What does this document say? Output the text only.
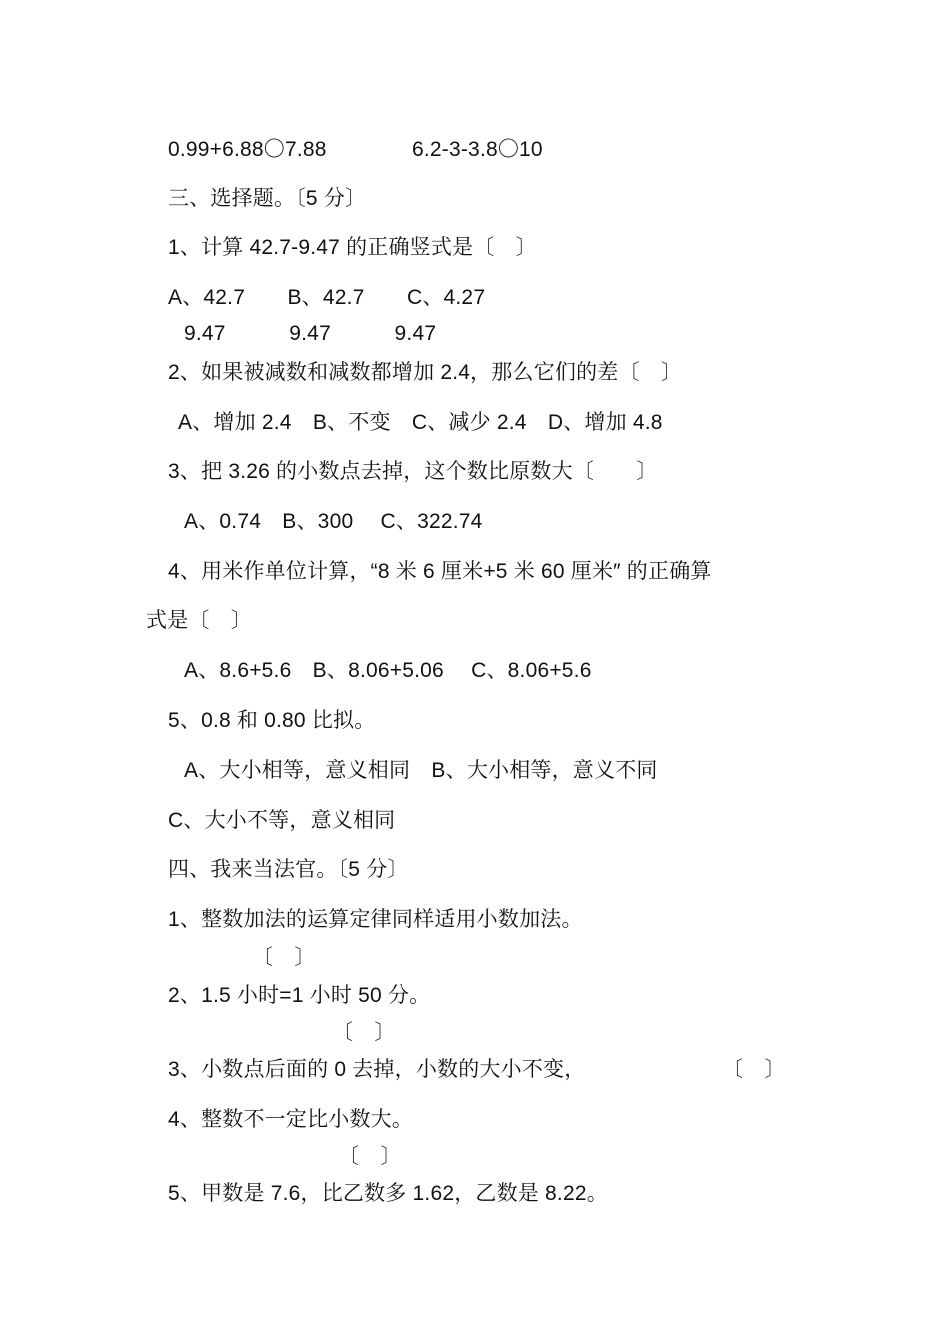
0.99+6.88〇7.88	6.2-3-3.8〇10
三、选择题。〔5 分〕
1、计算 42.7-9.47 的正确竖式是〔　〕
A、42.7　　B、42.7　　C、4.27
9.47　　　9.47　　　9.47
2、如果被减数和减数都增加 2.4，那么它们的差〔　〕
A、增加 2.4　B、不变　C、减少 2.4　D、增加 4.8
3、把 3.26 的小数点去掉，这个数比原数大〔　　〕
A、0.74　B、300　 C、322.74
4、用米作单位计算，“8 米 6 厘米+5 米 60 厘米″ 的正确算
式是〔　〕
A、8.6+5.6　B、8.06+5.06　 C、8.06+5.6
5、0.8 和 0.80 比拟。
A、大小相等，意义相同　B、大小相等，意义不同
C、大小不等，意义相同
四、我来当法官。〔5 分〕
1、整数加法的运算定律同样适用小数加法。
〔　〕
2、1.5 小时=1 小时 50 分。
〔　〕
3、小数点后面的 0 去掉，小数的大小不变，	〔　〕
4、整数不一定比小数大。
〔　〕
5、甲数是 7.6，比乙数多 1.62，乙数是 8.22。
